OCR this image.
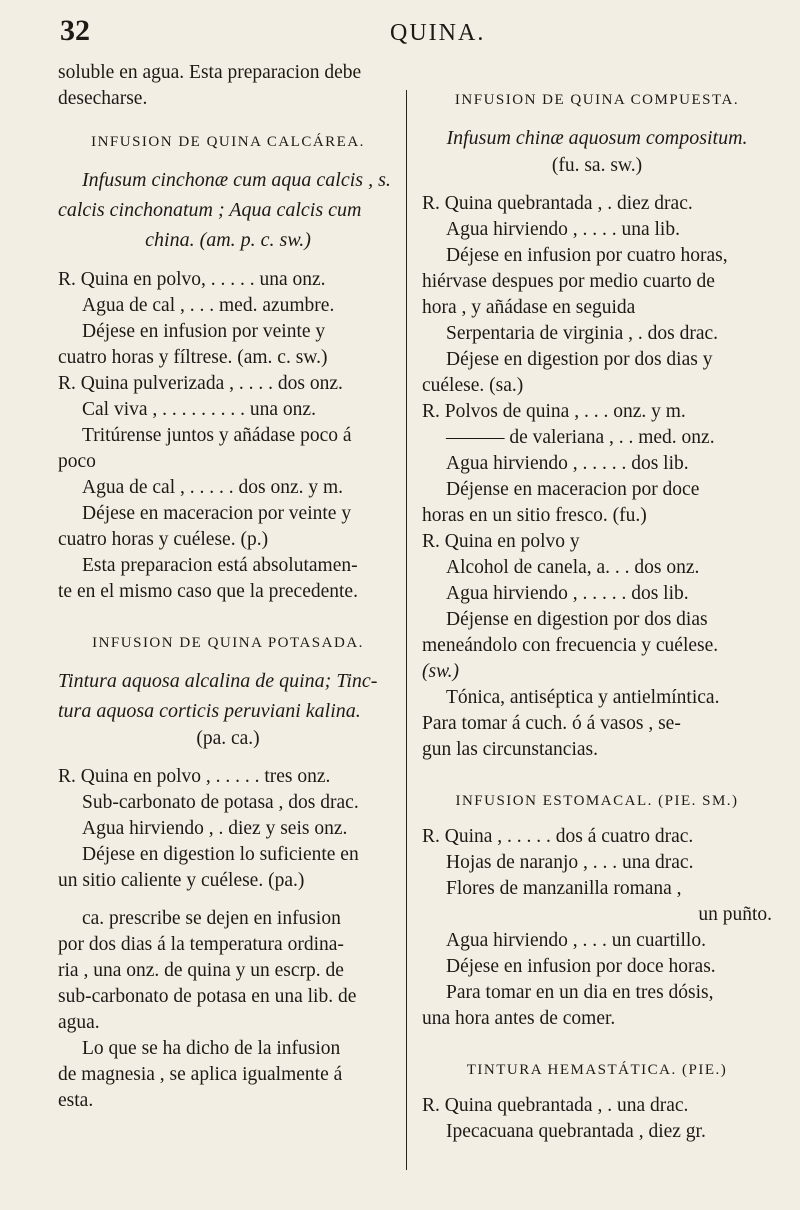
32	QUINA.

soluble en agua. Esta preparacion debe

desecharse.

INFUSION DE QUINA CALCÁREA.

Infusum cinchonæ cum aqua calcis , s.

calcis cinchonatum ; Aqua calcis cum

china. (am. p. c. sw.)

R. Quina en polvo, . . . . . una onz.

Agua de cal , . . . med. azumbre.

Déjese en infusion por veinte y

cuatro horas y fíltrese. (am. c. sw.)

R. Quina pulverizada , . . . . dos onz.

Cal viva , . . . . . . . . . una onz.

Tritúrense juntos y añádase poco á

poco

Agua de cal , . . . . . dos onz. y m.

Déjese en maceracion por veinte y

cuatro horas y cuélese. (p.)

Esta preparacion está absolutamen-

te en el mismo caso que la precedente.

INFUSION DE QUINA POTASADA.

Tintura aquosa alcalina de quina; Tinc-

tura aquosa corticis peruviani kalina.

(pa. ca.)

R. Quina en polvo , . . . . . tres onz.

Sub-carbonato de potasa , dos drac.

Agua hirviendo , . diez y seis onz.

Déjese en digestion lo suficiente en

un sitio caliente y cuélese. (pa.)

ca. prescribe se dejen en infusion

por dos dias á la temperatura ordina-

ria , una onz. de quina y un escrp. de

sub-carbonato de potasa en una lib. de

agua.

Lo que se ha dicho de la infusion

de magnesia , se aplica igualmente á

esta.

INFUSION DE QUINA COMPUESTA.

Infusum chinæ aquosum compositum.

(fu. sa. sw.)

R. Quina quebrantada , . diez drac.

Agua hirviendo , . . . . una lib.

Déjese en infusion por cuatro horas,

hiérvase despues por medio cuarto de

hora , y añádase en seguida

Serpentaria de virginia , . dos drac.

Déjese en digestion por dos dias y

cuélese. (sa.)

R. Polvos de quina , . . . onz. y m.

——— de valeriana , . . med. onz.

Agua hirviendo , . . . . . dos lib.

Déjense en maceracion por doce

horas en un sitio fresco. (fu.)

R. Quina en polvo y

Alcohol de canela, a. . . dos onz.

Agua hirviendo , . . . . . dos lib.

Déjense en digestion por dos dias

meneándolo con frecuencia y cuélese.

(sw.)

Tónica, antiséptica y antielmíntica.

Para tomar á cuch. ó á vasos , se-

gun las circunstancias.

INFUSION ESTOMACAL. (PIE. SM.)

R. Quina , . . . . . dos á cuatro drac.

Hojas de naranjo , . . . una drac.

Flores de manzanilla romana ,

un puñto.

Agua hirviendo , . . . un cuartillo.

Déjese en infusion por doce horas.

Para tomar en un dia en tres dósis,

una hora antes de comer.

TINTURA HEMASTÁTICA. (PIE.)

R. Quina quebrantada , . una drac.

Ipecacuana quebrantada , diez gr.
